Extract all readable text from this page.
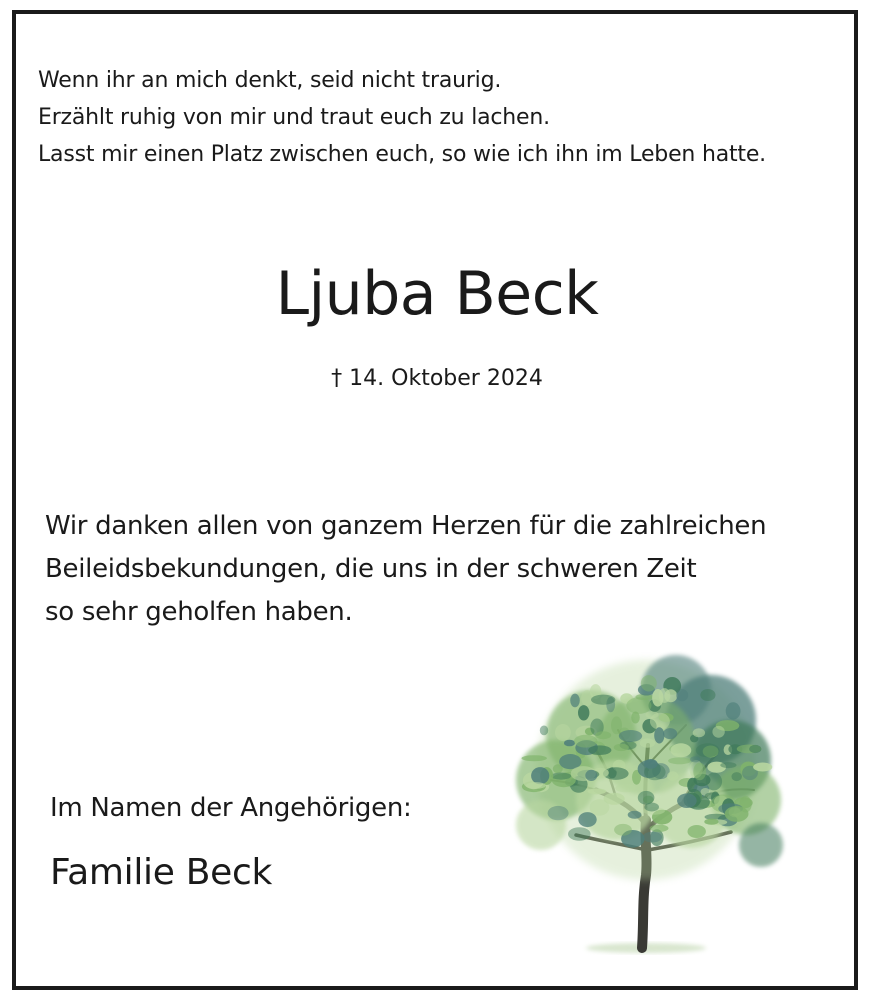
Wenn ihr an mich denkt, seid nicht traurig.
Erzählt ruhig von mir und traut euch zu lachen.
Lasst mir einen Platz zwischen euch, so wie ich ihn im Leben hatte.
Ljuba Beck
† 14. Oktober 2024
Wir danken allen von ganzem Herzen für die zahlreichen
Beileidsbekundungen, die uns in der schweren Zeit
so sehr geholfen haben.
Im Namen der Angehörigen:
Familie Beck
